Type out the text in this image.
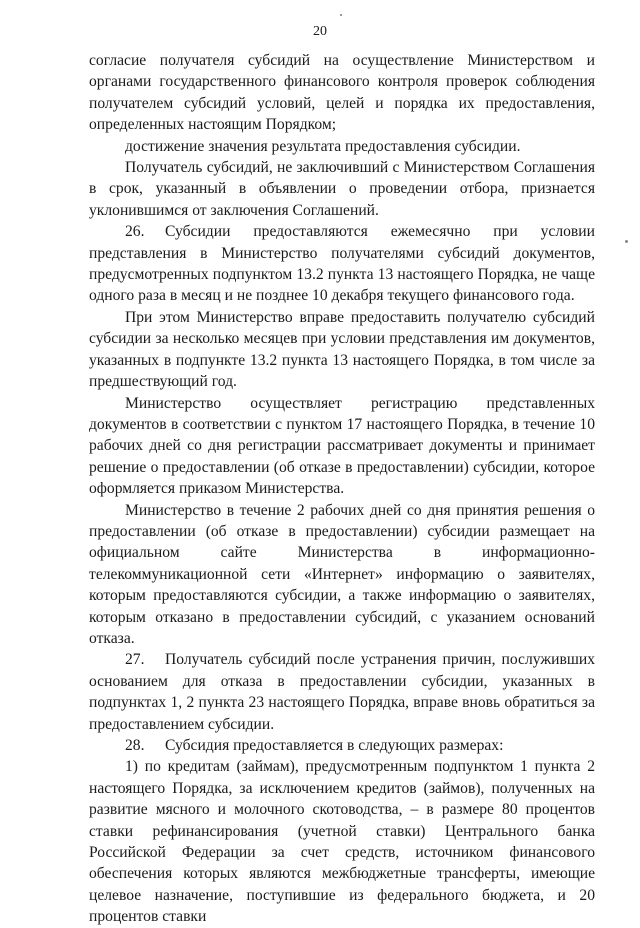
20

согласие получателя субсидий на осуществление Министерством и органами государственного финансового контроля проверок соблюдения получателем субсидий условий, целей и порядка их предоставления, определенных настоящим Порядком;

достижение значения результата предоставления субсидии.

Получатель субсидий, не заключивший с Министерством Соглашения в срок, указанный в объявлении о проведении отбора, признается уклонившимся от заключения Соглашений.

26. Субсидии предоставляются ежемесячно при условии представления в Министерство получателями субсидий документов, предусмотренных подпунктом 13.2 пункта 13 настоящего Порядка, не чаще одного раза в месяц и не позднее 10 декабря текущего финансового года.

При этом Министерство вправе предоставить получателю субсидий субсидии за несколько месяцев при условии представления им документов, указанных в подпункте 13.2 пункта 13 настоящего Порядка, в том числе за предшествующий год.

Министерство осуществляет регистрацию представленных документов в соответствии с пунктом 17 настоящего Порядка, в течение 10 рабочих дней со дня регистрации рассматривает документы и принимает решение о предоставлении (об отказе в предоставлении) субсидии, которое оформляется приказом Министерства.

Министерство в течение 2 рабочих дней со дня принятия решения о предоставлении (об отказе в предоставлении) субсидии размещает на официальном сайте Министерства в информационно-телекоммуникационной сети «Интернет» информацию о заявителях, которым предоставляются субсидии, а также информацию о заявителях, которым отказано в предоставлении субсидий, с указанием оснований отказа.

27. Получатель субсидий после устранения причин, послуживших основанием для отказа в предоставлении субсидии, указанных в подпунктах 1, 2 пункта 23 настоящего Порядка, вправе вновь обратиться за предоставлением субсидии.

28. Субсидия предоставляется в следующих размерах:

1) по кредитам (займам), предусмотренным подпунктом 1 пункта 2 настоящего Порядка, за исключением кредитов (займов), полученных на развитие мясного и молочного скотоводства, – в размере 80 процентов ставки рефинансирования (учетной ставки) Центрального банка Российской Федерации за счет средств, источником финансового обеспечения которых являются межбюджетные трансферты, имеющие целевое назначение, поступившие из федерального бюджета, и 20 процентов ставки
